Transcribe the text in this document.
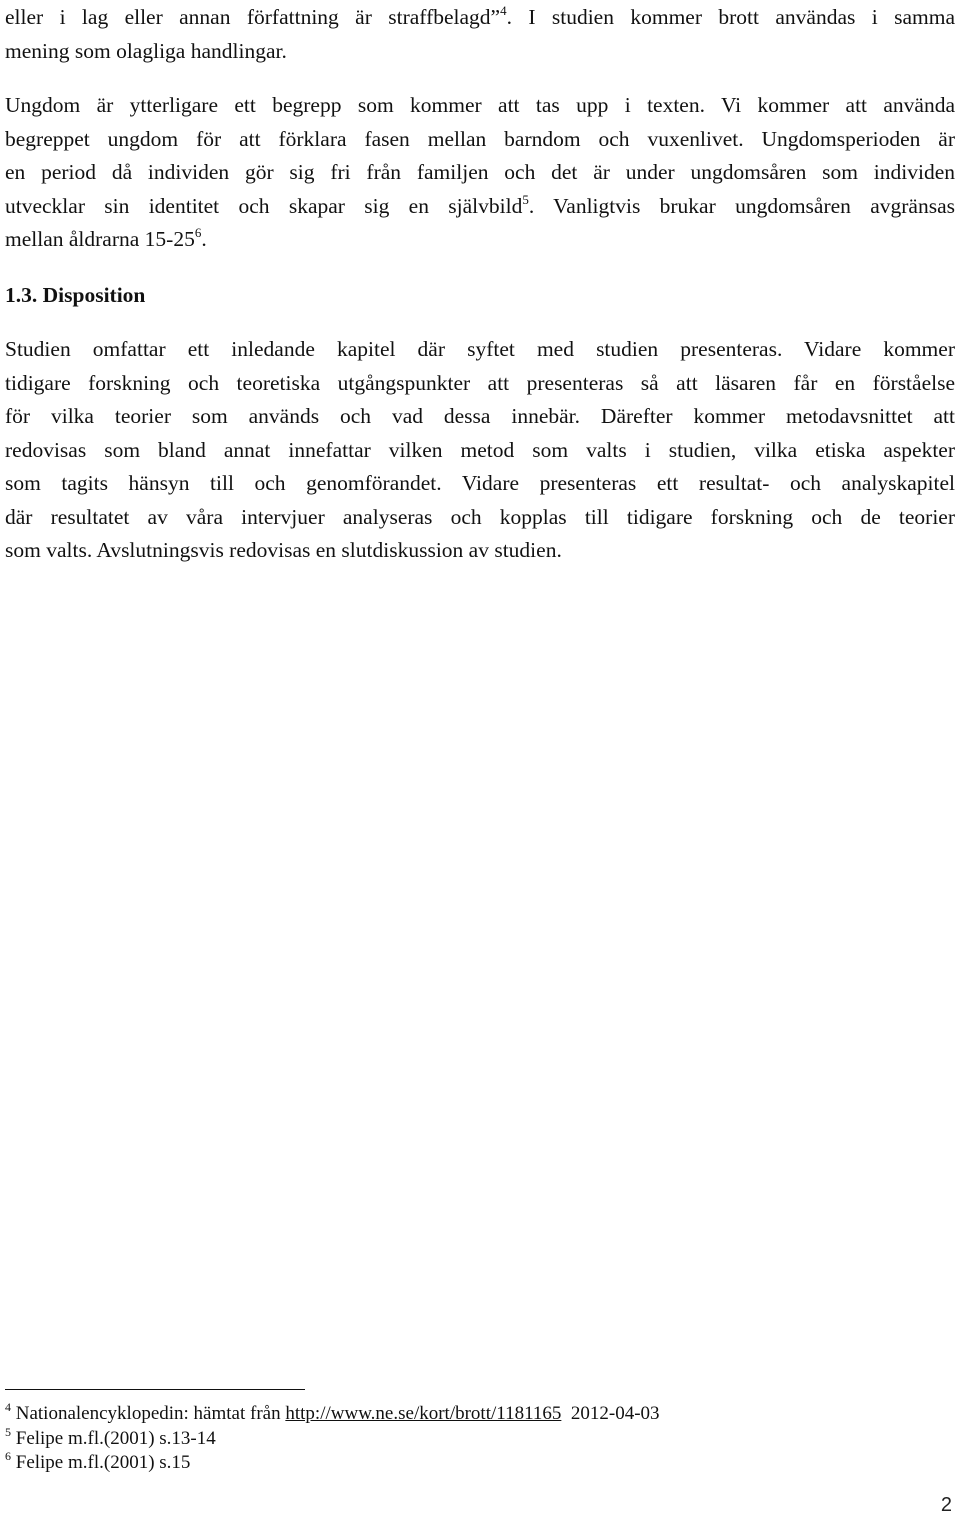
eller i lag eller annan författning är straffbelagd”$^4$. I studien kommer brott användas i samma
mening som olagliga handlingar.

Ungdom är ytterligare ett begrepp som kommer att tas upp i texten. Vi kommer att använda
begreppet ungdom för att förklara fasen mellan barndom och vuxenlivet. Ungdomsperioden är
en period då individen gör sig fri från familjen och det är under ungdomsåren som individen
utvecklar sin identitet och skapar sig en självbild$^5$. Vanligtvis brukar ungdomsåren avgränsas
mellan åldrarna $15-25^6$.

1.3. Disposition

Studien omfattar ett inledande kapitel där syftet med studien presenteras. Vidare kommer
tidigare forskning och teoretiska utgångspunkter att presenteras så att läsaren får en förståelse
för vilka teorier som används och vad dessa innebär. Därefter kommer metodavsnittet att
redovisas som bland annat innefattar vilken metod som valts i studien, vilka etiska aspekter
som tagits hänsyn till och genomförandet. Vidare presenteras ett resultat- och analyskapitel
där resultatet av våra intervjuer analyseras och kopplas till tidigare forskning och de teorier
som valts. Avslutningsvis redovisas en slutdiskussion av studien.

$^4$ Nationalencyklopedin: hämtat från http://www.ne.se/kort/brott/1181165  2012-04-03
$^5$ Felipe m.fl.(2001) s.13-14
$^6$ Felipe m.fl.(2001) s.15
2
